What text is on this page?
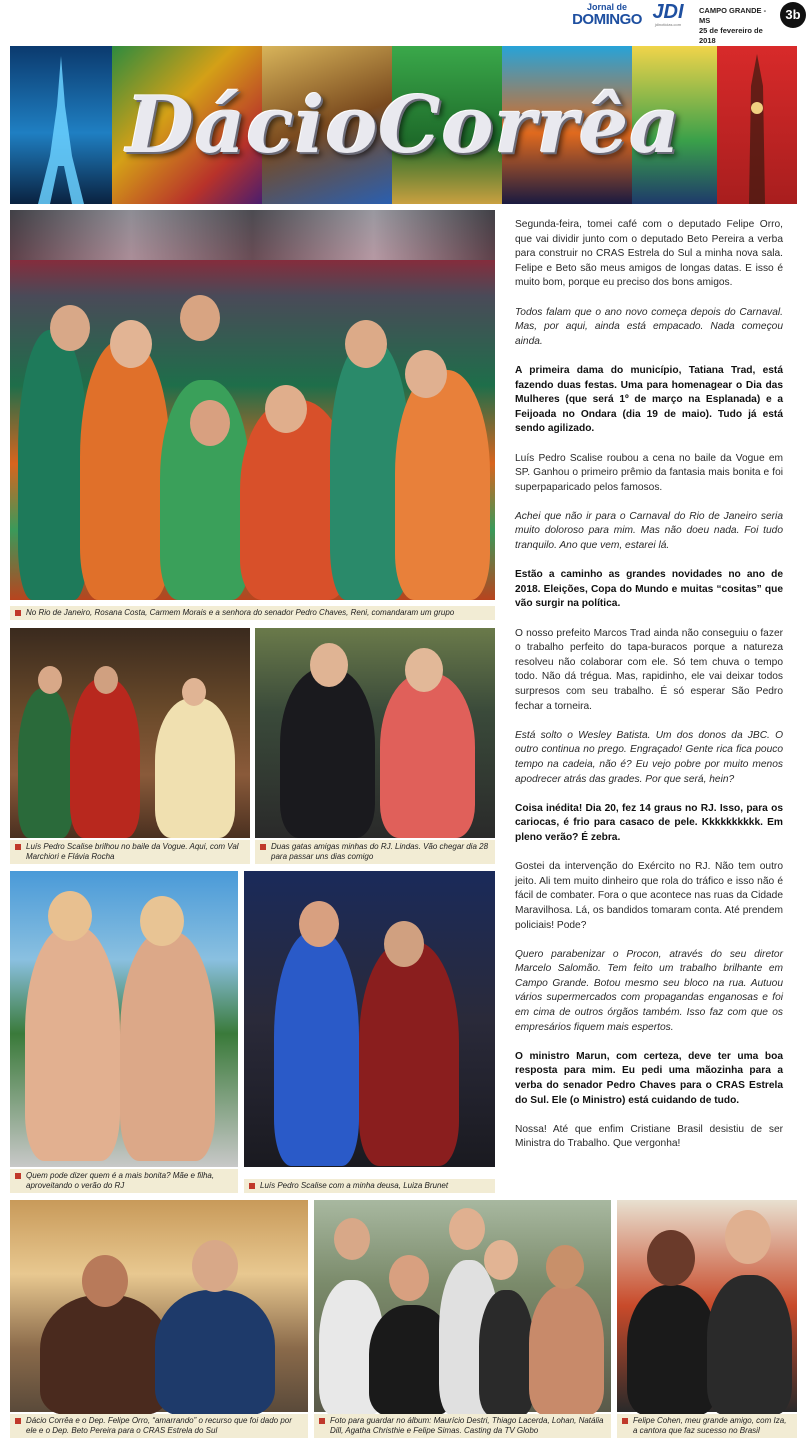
Jornal de
DOMINGO JDI
jdinoticias.com
CAMPO GRANDE - MS
25 de fevereiro de 2018
3b
DácioCorrêa
No Rio de Janeiro, Rosana Costa, Carmem Morais e a senhora do senador Pedro Chaves, Reni, comandaram um grupo
Luís Pedro Scalise brilhou no baile da Vogue. Aqui, com Val Marchiori e Flávia Rocha
Duas gatas amigas minhas do RJ. Lindas. Vão chegar dia 28 para passar uns dias comigo
Quem pode dizer quem é a mais bonita? Mãe e filha, aproveitando o verão do RJ	Luís Pedro Scalise com a minha deusa, Luiza Brunet
Dácio Corrêa e o Dep. Felipe Orro, “amarrando” o recurso que foi dado por ele e o Dep. Beto Pereira para o CRAS Estrela do Sul
Foto para guardar no álbum: Maurício Destri, Thiago Lacerda, Lohan, Natália Dill, Agatha Christhie e Felipe Simas. Casting da TV Globo
Felipe Cohen, meu grande amigo, com Iza, a cantora que faz sucesso no Brasil

Segunda-feira, tomei café com o deputado Felipe Orro, que vai dividir junto com o deputado Beto Pereira a verba para construir no CRAS Estrela do Sul a minha nova sala. Felipe e Beto são meus amigos de longas datas. E isso é muito bom, porque eu preciso dos bons amigos.

Todos falam que o ano novo começa depois do Carnaval. Mas, por aqui, ainda está empacado. Nada começou ainda.

A primeira dama do município, Tatiana Trad, está fazendo duas festas. Uma para homenagear o Dia das Mulheres (que será 1º de março na Esplanada) e a Feijoada no Ondara (dia 19 de maio). Tudo já está sendo agilizado.

Luís Pedro Scalise roubou a cena no baile da Vogue em SP. Ganhou o primeiro prêmio da fantasia mais bonita e foi superpaparicado pelos famosos.

Achei que não ir para o Carnaval do Rio de Janeiro seria muito doloroso para mim. Mas não doeu nada. Foi tudo tranquilo. Ano que vem, estarei lá.

Estão a caminho as grandes novidades no ano de 2018. Eleições, Copa do Mundo e muitas “cositas” que vão surgir na política.

O nosso prefeito Marcos Trad ainda não conseguiu o fazer o trabalho perfeito do tapa-buracos porque a natureza resolveu não colaborar com ele. Só tem chuva o tempo todo. Não dá trégua. Mas, rapidinho, ele vai deixar todos surpresos com seu trabalho. É só esperar São Pedro fechar a torneira.

Está solto o Wesley Batista. Um dos donos da JBC. O outro continua no prego. Engraçado! Gente rica fica pouco tempo na cadeia, não é? Eu vejo pobre por muito menos apodrecer atrás das grades. Por que será, hein?

Coisa inédita! Dia 20, fez 14 graus no RJ. Isso, para os cariocas, é frio para casaco de pele. Kkkkkkkkkk. Em pleno verão? É zebra.

Gostei da intervenção do Exército no RJ. Não tem outro jeito. Ali tem muito dinheiro que rola do tráfico e isso não é fácil de combater. Fora o que acontece nas ruas da Cidade Maravilhosa. Lá, os bandidos tomaram conta. Até prendem policiais! Pode?

Quero parabenizar o Procon, através do seu diretor Marcelo Salomão. Tem feito um trabalho brilhante em Campo Grande. Botou mesmo seu bloco na rua. Autuou vários supermercados com propagandas enganosas e foi em cima de outros órgãos também. Isso faz com que os empresários fiquem mais espertos.

O ministro Marun, com certeza, deve ter uma boa resposta para mim. Eu pedi uma mãozinha para a verba do senador Pedro Chaves para o CRAS Estrela do Sul. Ele (o Ministro) está cuidando de tudo.

Nossa! Até que enfim Cristiane Brasil desistiu de ser Ministra do Trabalho. Que vergonha!
